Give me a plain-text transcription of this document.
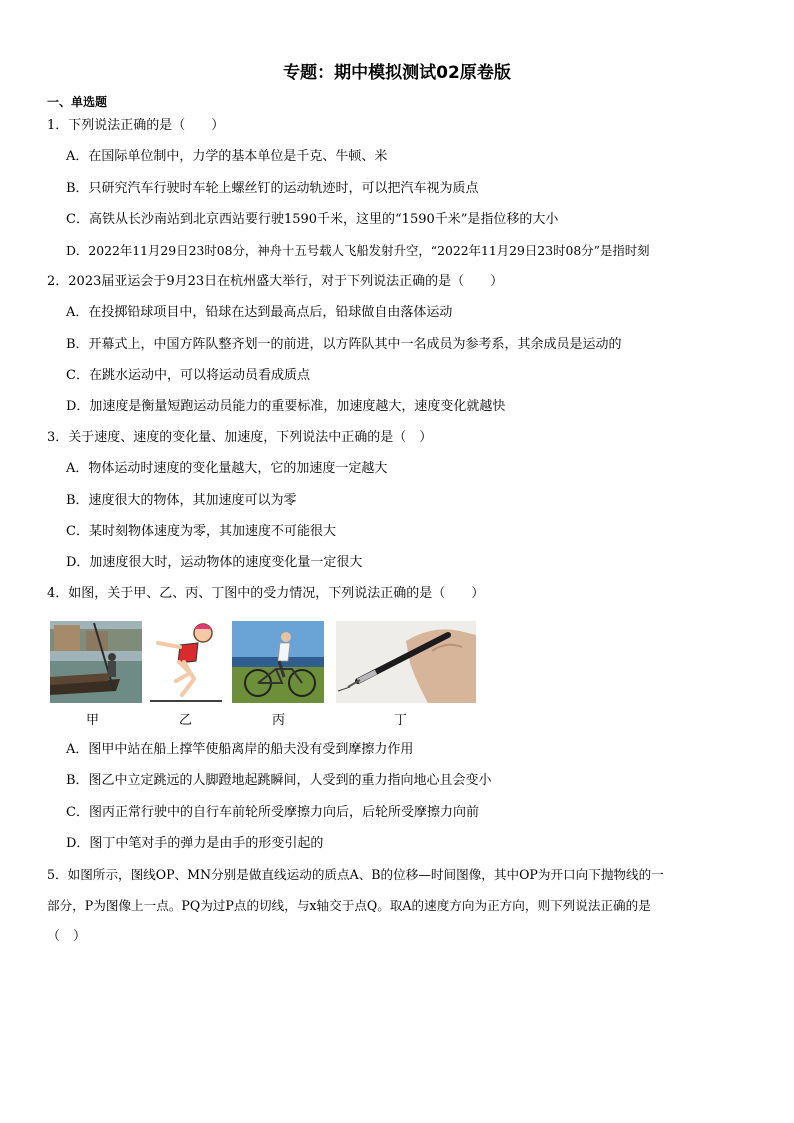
专题：期中模拟测试02原卷版
一、单选题
1．下列说法正确的是（　　）
A．在国际单位制中，力学的基本单位是千克、牛顿、米
B．只研究汽车行驶时车轮上螺丝钉的运动轨迹时，可以把汽车视为质点
C．高铁从长沙南站到北京西站要行驶1590千米，这里的“1590千米”是指位移的大小
D．2022年11月29日23时08分，神舟十五号载人飞船发射升空，“2022年11月29日23时08分”是指时刻
2．2023届亚运会于9月23日在杭州盛大举行，对于下列说法正确的是（　　）
A．在投掷铅球项目中，铅球在达到最高点后，铅球做自由落体运动
B．开幕式上，中国方阵队整齐划一的前进，以方阵队其中一名成员为参考系，其余成员是运动的
C．在跳水运动中，可以将运动员看成质点
D．加速度是衡量短跑运动员能力的重要标准，加速度越大，速度变化就越快
3．关于速度、速度的变化量、加速度，下列说法中正确的是（　）
A．物体运动时速度的变化量越大，它的加速度一定越大
B．速度很大的物体，其加速度可以为零
C．某时刻物体速度为零，其加速度不可能很大
D．加速度很大时，运动物体的速度变化量一定很大
4．如图，关于甲、乙、丙、丁图中的受力情况，下列说法正确的是（　　）
甲	乙	丙	丁
A．图甲中站在船上撑竿使船离岸的船夫没有受到摩擦力作用
B．图乙中立定跳远的人脚蹬地起跳瞬间，人受到的重力指向地心且会变小
C．图丙正常行驶中的自行车前轮所受摩擦力向后，后轮所受摩擦力向前
D．图丁中笔对手的弹力是由手的形变引起的
5．如图所示，图线OP、MN分别是做直线运动的质点A、B的位移—时间图像，其中OP为开口向下抛物线的一
部分，P为图像上一点。PQ为过P点的切线，与x轴交于点Q。取A的速度方向为正方向，则下列说法正确的是
（　）
